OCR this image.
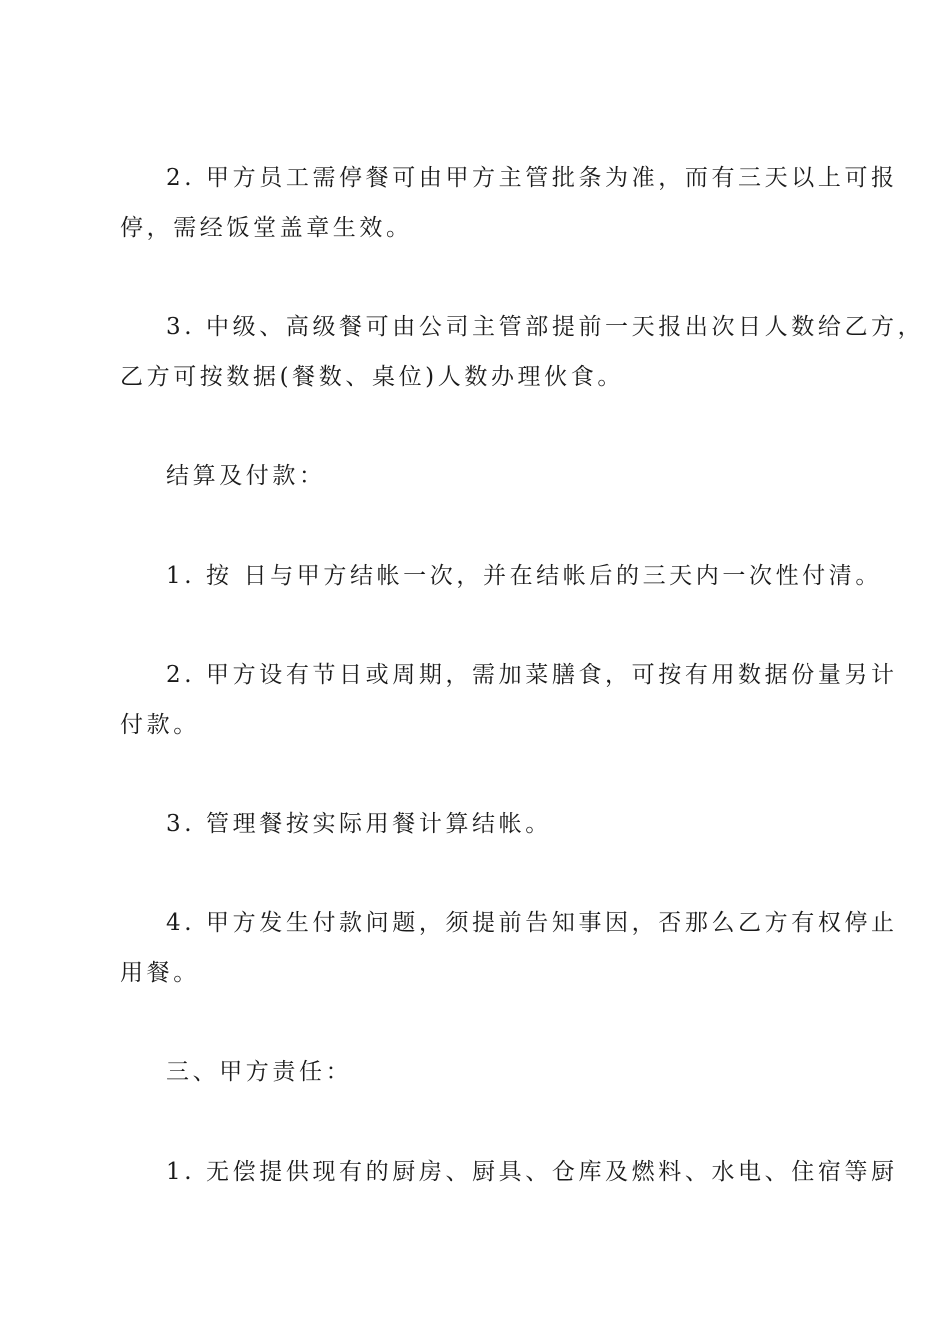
2. 甲方员工需停餐可由甲方主管批条为准，而有三天以上可报
停，需经饭堂盖章生效。
3. 中级、高级餐可由公司主管部提前一天报出次日人数给乙方，
乙方可按数据(餐数、桌位)人数办理伙食。
结算及付款：
1. 按 日与甲方结帐一次，并在结帐后的三天内一次性付清。
2. 甲方设有节日或周期，需加菜膳食，可按有用数据份量另计
付款。
3. 管理餐按实际用餐计算结帐。
4. 甲方发生付款问题，须提前告知事因，否那么乙方有权停止
用餐。
三、甲方责任：
1. 无偿提供现有的厨房、厨具、仓库及燃料、水电、住宿等厨
